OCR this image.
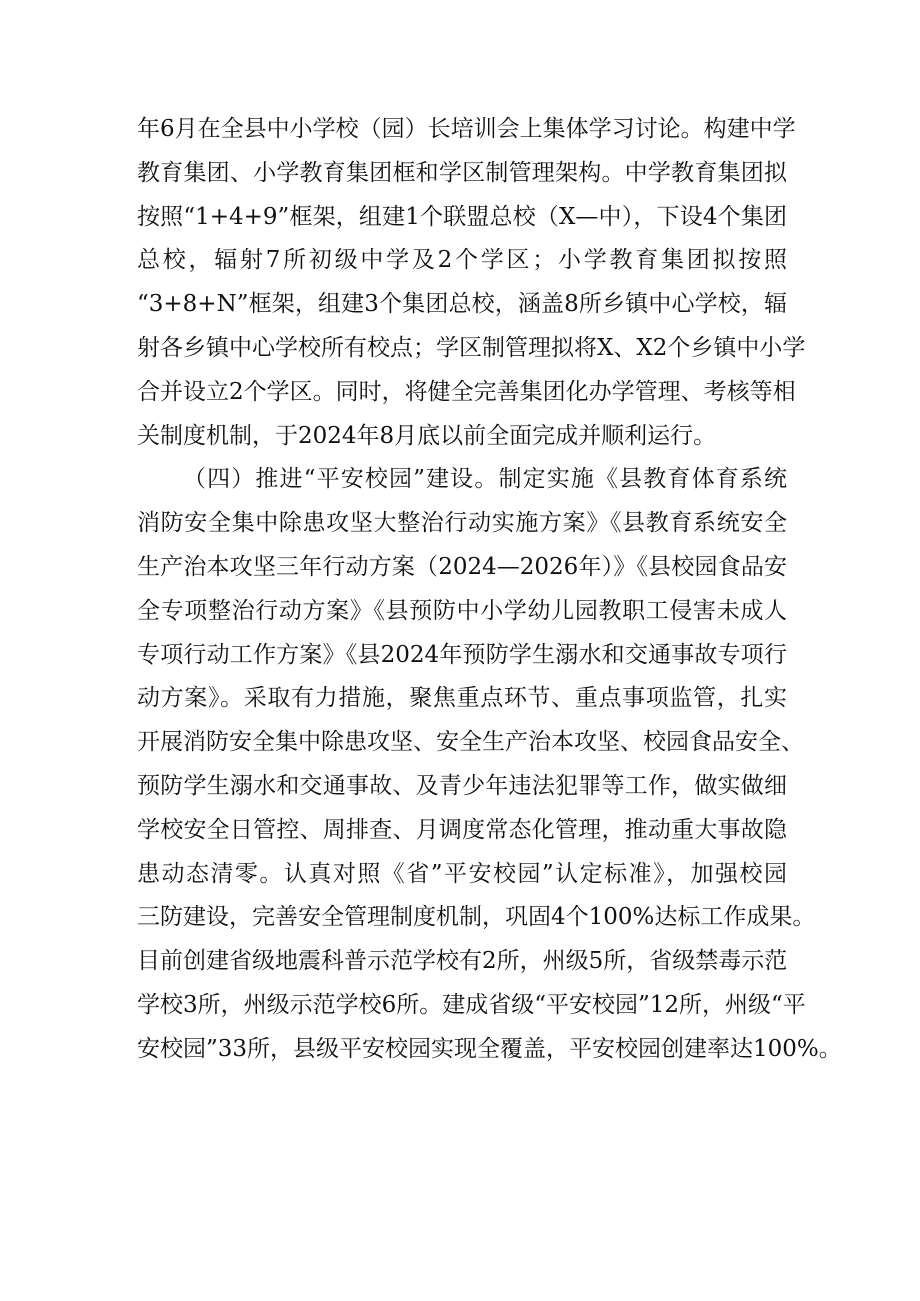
年6月在全县中小学校（园）长培训会上集体学习讨论。构建中学
教育集团、小学教育集团框和学区制管理架构。中学教育集团拟
按照“1+4+9”框架，组建1个联盟总校（X—中），下设4个集团
总校，辐射7所初级中学及2个学区；小学教育集团拟按照
“3+8+N”框架，组建3个集团总校，涵盖8所乡镇中心学校，辐
射各乡镇中心学校所有校点；学区制管理拟将X、X2个乡镇中小学
合并设立2个学区。同时，将健全完善集团化办学管理、考核等相
关制度机制，于2024年8月底以前全面完成并顺利运行。
（四）推进“平安校园”建设。制定实施《县教育体育系统
消防安全集中除患攻坚大整治行动实施方案》《县教育系统安全
生产治本攻坚三年行动方案（2024—2026年）》《县校园食品安
全专项整治行动方案》《县预防中小学幼儿园教职工侵害未成人
专项行动工作方案》《县2024年预防学生溺水和交通事故专项行
动方案》。采取有力措施，聚焦重点环节、重点事项监管，扎实
开展消防安全集中除患攻坚、安全生产治本攻坚、校园食品安全、
预防学生溺水和交通事故、及青少年违法犯罪等工作，做实做细
学校安全日管控、周排查、月调度常态化管理，推动重大事故隐
患动态清零。认真对照《省”平安校园”认定标准》，加强校园
三防建设，完善安全管理制度机制，巩固4个100%达标工作成果。
目前创建省级地震科普示范学校有2所，州级5所，省级禁毒示范
学校3所，州级示范学校6所。建成省级“平安校园”12所，州级“平
安校园”33所，县级平安校园实现全覆盖，平安校园创建率达100%。
